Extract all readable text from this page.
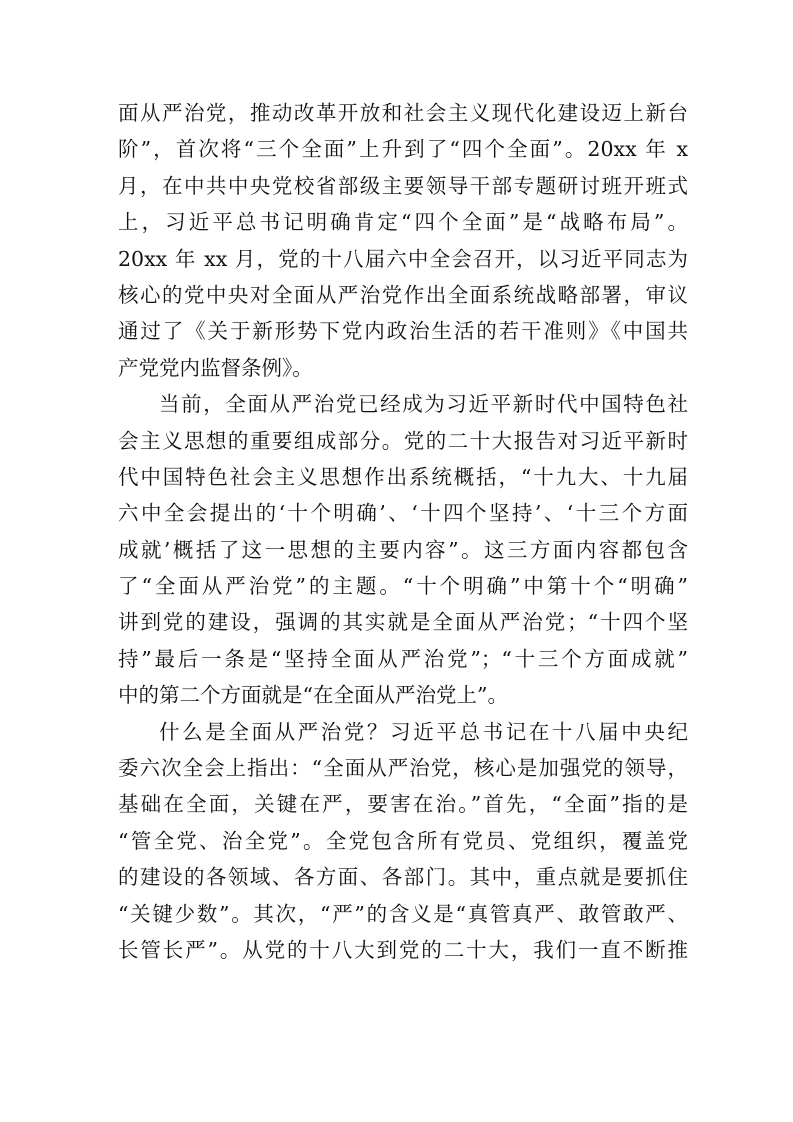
面从严治党，推动改革开放和社会主义现代化建设迈上新台
阶”，首次将“三个全面”上升到了“四个全面”。20xx 年 x
月，在中共中央党校省部级主要领导干部专题研讨班开班式
上，习近平总书记明确肯定“四个全面”是“战略布局”。
20xx 年 xx 月，党的十八届六中全会召开，以习近平同志为
核心的党中央对全面从严治党作出全面系统战略部署，审议
通过了《关于新形势下党内政治生活的若干准则》《中国共
产党党内监督条例》。
当前，全面从严治党已经成为习近平新时代中国特色社
会主义思想的重要组成部分。党的二十大报告对习近平新时
代中国特色社会主义思想作出系统概括，“十九大、十九届
六中全会提出的‘十个明确’、‘十四个坚持’、‘十三个方面
成就’概括了这一思想的主要内容”。这三方面内容都包含
了“全面从严治党”的主题。“十个明确”中第十个“明确”
讲到党的建设，强调的其实就是全面从严治党；“十四个坚
持”最后一条是“坚持全面从严治党”；“十三个方面成就”
中的第二个方面就是“在全面从严治党上”。
什么是全面从严治党？习近平总书记在十八届中央纪
委六次全会上指出：“全面从严治党，核心是加强党的领导，
基础在全面，关键在严，要害在治。”首先，“全面”指的是
“管全党、治全党”。全党包含所有党员、党组织，覆盖党
的建设的各领域、各方面、各部门。其中，重点就是要抓住
“关键少数”。其次，“严”的含义是“真管真严、敢管敢严、
长管长严”。从党的十八大到党的二十大，我们一直不断推
